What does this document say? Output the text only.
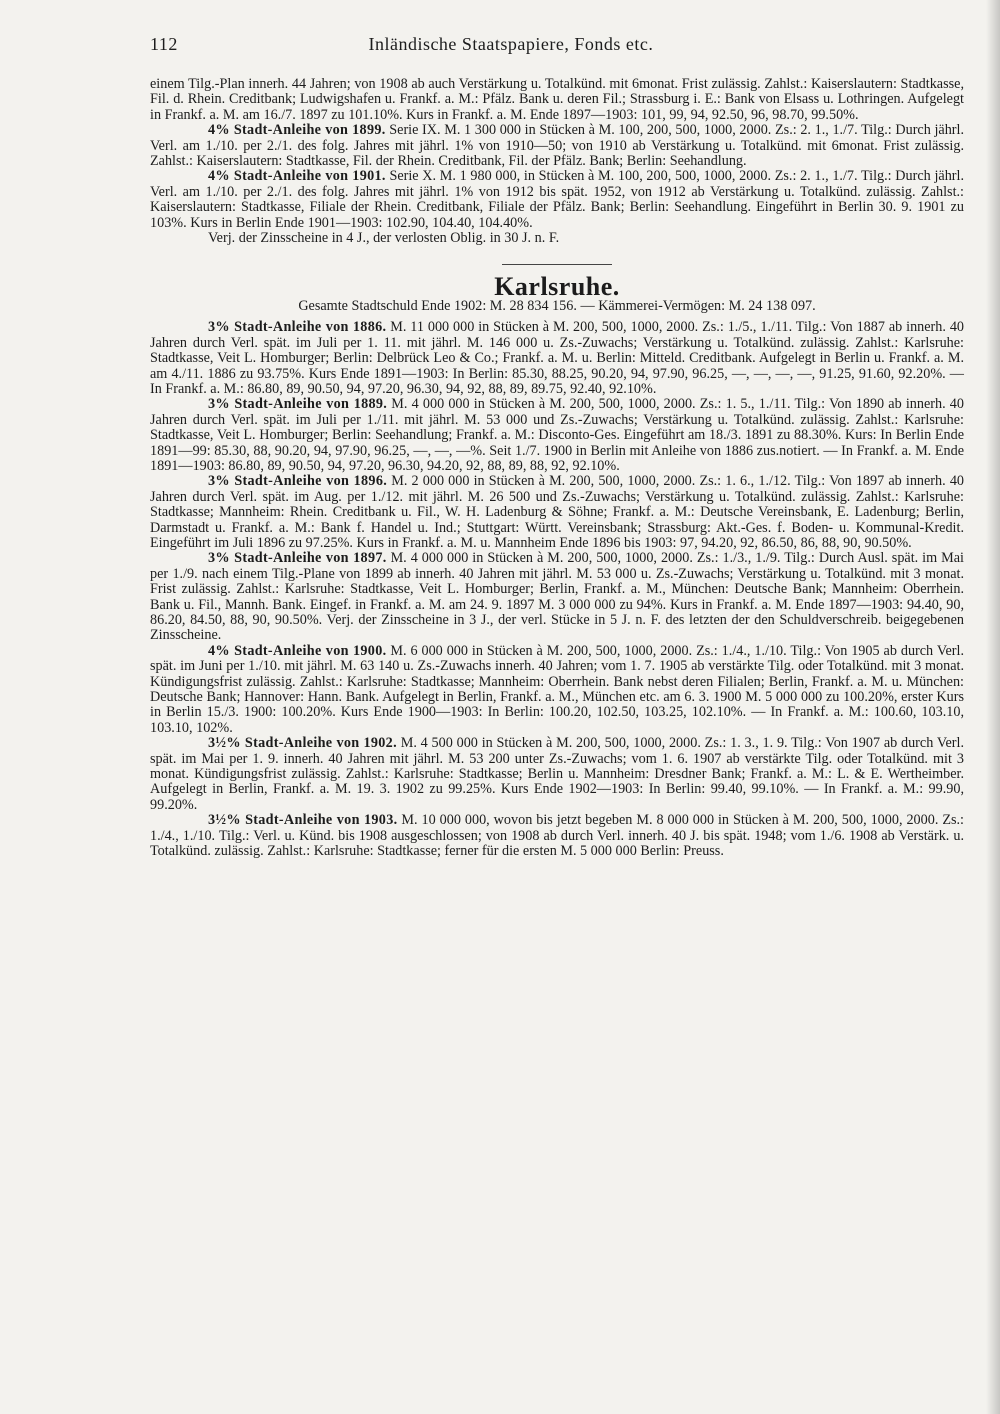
112	Inländische Staatspapiere, Fonds etc.

einem Tilg.-Plan innerh. 44 Jahren; von 1908 ab auch Verstärkung u. Totalkünd. mit 6monat. Frist zulässig. Zahlst.: Kaiserslautern: Stadtkasse, Fil. d. Rhein. Creditbank; Ludwigshafen u. Frankf. a. M.: Pfälz. Bank u. deren Fil.; Strassburg i. E.: Bank von Elsass u. Lothringen. Aufgelegt in Frankf. a. M. am 16./7. 1897 zu 101.10%. Kurs in Frankf. a. M. Ende 1897—1903: 101, 99, 94, 92.50, 96, 98.70, 99.50%.

4% Stadt-Anleihe von 1899. Serie IX. M. 1 300 000 in Stücken à M. 100, 200, 500, 1000, 2000. Zs.: 2. 1., 1./7. Tilg.: Durch jährl. Verl. am 1./10. per 2./1. des folg. Jahres mit jährl. 1% von 1910—50; von 1910 ab Verstärkung u. Totalkünd. mit 6monat. Frist zulässig. Zahlst.: Kaiserslautern: Stadtkasse, Fil. der Rhein. Creditbank, Fil. der Pfälz. Bank; Berlin: Seehandlung.

4% Stadt-Anleihe von 1901. Serie X. M. 1 980 000, in Stücken à M. 100, 200, 500, 1000, 2000. Zs.: 2. 1., 1./7. Tilg.: Durch jährl. Verl. am 1./10. per 2./1. des folg. Jahres mit jährl. 1% von 1912 bis spät. 1952, von 1912 ab Verstärkung u. Totalkünd. zulässig. Zahlst.: Kaiserslautern: Stadtkasse, Filiale der Rhein. Creditbank, Filiale der Pfälz. Bank; Berlin: Seehandlung. Eingeführt in Berlin 30. 9. 1901 zu 103%. Kurs in Berlin Ende 1901—1903: 102.90, 104.40, 104.40%.

Verj. der Zinsscheine in 4 J., der verlosten Oblig. in 30 J. n. F.

Karlsruhe.
Gesamte Stadtschuld Ende 1902: M. 28 834 156. — Kämmerei-Vermögen: M. 24 138 097.

3% Stadt-Anleihe von 1886. M. 11 000 000 in Stücken à M. 200, 500, 1000, 2000. Zs.: 1./5., 1./11. Tilg.: Von 1887 ab innerh. 40 Jahren durch Verl. spät. im Juli per 1. 11. mit jährl. M. 146 000 u. Zs.-Zuwachs; Verstärkung u. Totalkünd. zulässig. Zahlst.: Karlsruhe: Stadtkasse, Veit L. Homburger; Berlin: Delbrück Leo & Co.; Frankf. a. M. u. Berlin: Mitteld. Creditbank. Aufgelegt in Berlin u. Frankf. a. M. am 4./11. 1886 zu 93.75%. Kurs Ende 1891—1903: In Berlin: 85.30, 88.25, 90.20, 94, 97.90, 96.25, —, —, —, —, 91.25, 91.60, 92.20%. — In Frankf. a. M.: 86.80, 89, 90.50, 94, 97.20, 96.30, 94, 92, 88, 89, 89.75, 92.40, 92.10%.

3% Stadt-Anleihe von 1889. M. 4 000 000 in Stücken à M. 200, 500, 1000, 2000. Zs.: 1. 5., 1./11. Tilg.: Von 1890 ab innerh. 40 Jahren durch Verl. spät. im Juli per 1./11. mit jährl. M. 53 000 und Zs.-Zuwachs; Verstärkung u. Totalkünd. zulässig. Zahlst.: Karlsruhe: Stadtkasse, Veit L. Homburger; Berlin: Seehandlung; Frankf. a. M.: Disconto-Ges. Eingeführt am 18./3. 1891 zu 88.30%. Kurs: In Berlin Ende 1891—99: 85.30, 88, 90.20, 94, 97.90, 96.25, —, —, —%. Seit 1./7. 1900 in Berlin mit Anleihe von 1886 zus.notiert. — In Frankf. a. M. Ende 1891—1903: 86.80, 89, 90.50, 94, 97.20, 96.30, 94.20, 92, 88, 89, 88, 92, 92.10%.

3% Stadt-Anleihe von 1896. M. 2 000 000 in Stücken à M. 200, 500, 1000, 2000. Zs.: 1. 6., 1./12. Tilg.: Von 1897 ab innerh. 40 Jahren durch Verl. spät. im Aug. per 1./12. mit jährl. M. 26 500 und Zs.-Zuwachs; Verstärkung u. Totalkünd. zulässig. Zahlst.: Karlsruhe: Stadtkasse; Mannheim: Rhein. Creditbank u. Fil., W. H. Ladenburg & Söhne; Frankf. a. M.: Deutsche Vereinsbank, E. Ladenburg; Berlin, Darmstadt u. Frankf. a. M.: Bank f. Handel u. Ind.; Stuttgart: Württ. Vereinsbank; Strassburg: Akt.-Ges. f. Boden- u. Kommunal-Kredit. Eingeführt im Juli 1896 zu 97.25%. Kurs in Frankf. a. M. u. Mannheim Ende 1896 bis 1903: 97, 94.20, 92, 86.50, 86, 88, 90, 90.50%.

3% Stadt-Anleihe von 1897. M. 4 000 000 in Stücken à M. 200, 500, 1000, 2000. Zs.: 1./3., 1./9. Tilg.: Durch Ausl. spät. im Mai per 1./9. nach einem Tilg.-Plane von 1899 ab innerh. 40 Jahren mit jährl. M. 53 000 u. Zs.-Zuwachs; Verstärkung u. Totalkünd. mit 3 monat. Frist zulässig. Zahlst.: Karlsruhe: Stadtkasse, Veit L. Homburger; Berlin, Frankf. a. M., München: Deutsche Bank; Mannheim: Oberrhein. Bank u. Fil., Mannh. Bank. Eingef. in Frankf. a. M. am 24. 9. 1897 M. 3 000 000 zu 94%. Kurs in Frankf. a. M. Ende 1897—1903: 94.40, 90, 86.20, 84.50, 88, 90, 90.50%. Verj. der Zinsscheine in 3 J., der verl. Stücke in 5 J. n. F. des letzten der den Schuldverschreib. beigegebenen Zinsscheine.

4% Stadt-Anleihe von 1900. M. 6 000 000 in Stücken à M. 200, 500, 1000, 2000. Zs.: 1./4., 1./10. Tilg.: Von 1905 ab durch Verl. spät. im Juni per 1./10. mit jährl. M. 63 140 u. Zs.-Zuwachs innerh. 40 Jahren; vom 1. 7. 1905 ab verstärkte Tilg. oder Totalkünd. mit 3 monat. Kündigungsfrist zulässig. Zahlst.: Karlsruhe: Stadtkasse; Mannheim: Oberrhein. Bank nebst deren Filialen; Berlin, Frankf. a. M. u. München: Deutsche Bank; Hannover: Hann. Bank. Aufgelegt in Berlin, Frankf. a. M., München etc. am 6. 3. 1900 M. 5 000 000 zu 100.20%, erster Kurs in Berlin 15./3. 1900: 100.20%. Kurs Ende 1900—1903: In Berlin: 100.20, 102.50, 103.25, 102.10%. — In Frankf. a. M.: 100.60, 103.10, 103.10, 102%.

3½% Stadt-Anleihe von 1902. M. 4 500 000 in Stücken à M. 200, 500, 1000, 2000. Zs.: 1. 3., 1. 9. Tilg.: Von 1907 ab durch Verl. spät. im Mai per 1. 9. innerh. 40 Jahren mit jährl. M. 53 200 unter Zs.-Zuwachs; vom 1. 6. 1907 ab verstärkte Tilg. oder Totalkünd. mit 3 monat. Kündigungsfrist zulässig. Zahlst.: Karlsruhe: Stadtkasse; Berlin u. Mannheim: Dresdner Bank; Frankf. a. M.: L. & E. Wertheimber. Aufgelegt in Berlin, Frankf. a. M. 19. 3. 1902 zu 99.25%. Kurs Ende 1902—1903: In Berlin: 99.40, 99.10%. — In Frankf. a. M.: 99.90, 99.20%.

3½% Stadt-Anleihe von 1903. M. 10 000 000, wovon bis jetzt begeben M. 8 000 000 in Stücken à M. 200, 500, 1000, 2000. Zs.: 1./4., 1./10. Tilg.: Verl. u. Künd. bis 1908 ausgeschlossen; von 1908 ab durch Verl. innerh. 40 J. bis spät. 1948; vom 1./6. 1908 ab Verstärk. u. Totalkünd. zulässig. Zahlst.: Karlsruhe: Stadtkasse; ferner für die ersten M. 5 000 000 Berlin: Preuss.
